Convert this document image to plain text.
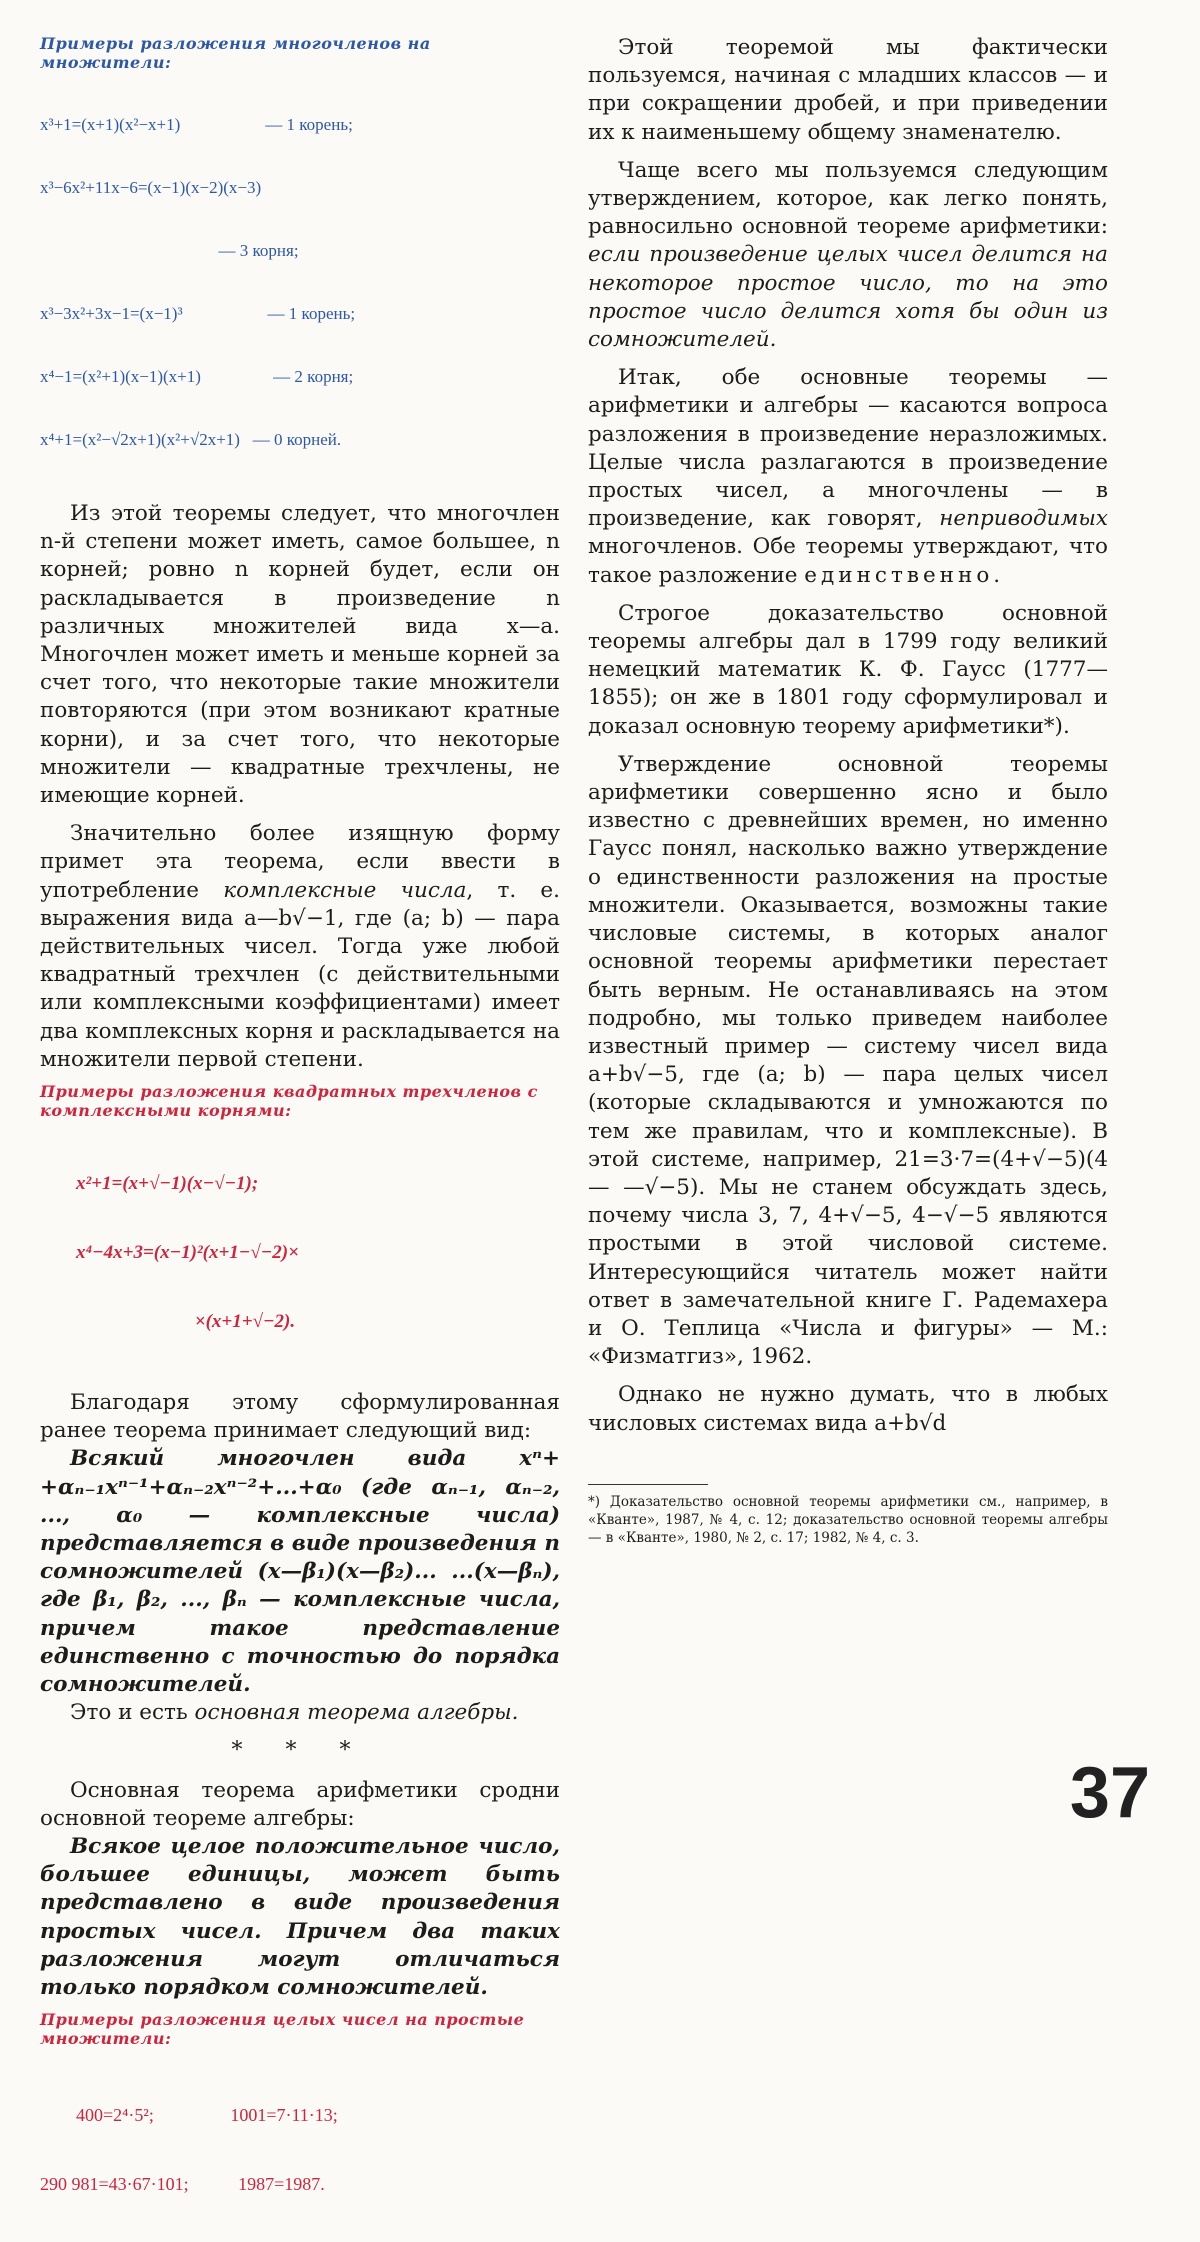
Примеры разложения многочленов на множители:

x³+1=(x+1)(x²−x+1)                    — 1 корень;

x³−6x²+11x−6=(x−1)(x−2)(x−3)

— 3 корня;

x³−3x²+3x−1=(x−1)³                    — 1 корень;

x⁴−1=(x²+1)(x−1)(x+1)                 — 2 корня;

x⁴+1=(x²−√2x+1)(x²+√2x+1)   — 0 корней.

Из этой теоремы следует, что многочлен n-й степени может иметь, самое большее, n корней; ровно n корней будет, если он раскладывается в произведение n различных множителей вида x—a. Многочлен может иметь и меньше корней за счет того, что некоторые такие множители повторяются (при этом возникают кратные корни), и за счет того, что некоторые множители — квадратные трехчлены, не имеющие корней.

Значительно более изящную форму примет эта теорема, если ввести в употребление комплексные числа, т. е. выражения вида a—b√−1, где (a; b) — пара действительных чисел. Тогда уже любой квадратный трехчлен (с действительными или комплексными коэффициентами) имеет два комплексных корня и раскладывается на множители первой степени.

Примеры разложения квадратных трехчленов с комплексными корнями:

x²+1=(x+√−1)(x−√−1);

x⁴−4x+3=(x−1)²(x+1−√−2)×

×(x+1+√−2).

Благодаря этому сформулированная ранее теорема принимает следующий вид:

Всякий многочлен вида xⁿ+ +αₙ₋₁xⁿ⁻¹+αₙ₋₂xⁿ⁻²+...+α₀ (где αₙ₋₁, αₙ₋₂, ..., α₀ — комплексные числа) представляется в виде произведения n сомножителей (x—β₁)(x—β₂)... ...(x—βₙ), где β₁, β₂, ..., βₙ — комплексные числа, причем такое представление единственно с точностью до порядка сомножителей.

Это и есть основная теорема алгебры.

* * *

Основная теорема арифметики сродни основной теореме алгебры:

Всякое целое положительное число, большее единицы, может быть представлено в виде произведения простых чисел. Причем два таких разложения могут отличаться только порядком сомножителей.

Примеры разложения целых чисел на простые множители:

400=2⁴·5²;                 1001=7·11·13;

290 981=43·67·101;           1987=1987.

Этой теоремой мы фактически пользуемся, начиная с младших классов — и при сокращении дробей, и при приведении их к наименьшему общему знаменателю.

Чаще всего мы пользуемся следующим утверждением, которое, как легко понять, равносильно основной теореме арифметики: если произведение целых чисел делится на некоторое простое число, то на это простое число делится хотя бы один из сомножителей.

Итак, обе основные теоремы — арифметики и алгебры — касаются вопроса разложения в произведение неразложимых. Целые числа разлагаются в произведение простых чисел, а многочлены — в произведение, как говорят, неприводимых многочленов. Обе теоремы утверждают, что такое разложение единственно.

Строгое доказательство основной теоремы алгебры дал в 1799 году великий немецкий математик К. Ф. Гаусс (1777—1855); он же в 1801 году сформулировал и доказал основную теорему арифметики*).

Утверждение основной теоремы арифметики совершенно ясно и было известно с древнейших времен, но именно Гаусс понял, насколько важно утверждение о единственности разложения на простые множители. Оказывается, возможны такие числовые системы, в которых аналог основной теоремы арифметики перестает быть верным. Не останавливаясь на этом подробно, мы только приведем наиболее известный пример — систему чисел вида a+b√−5, где (a; b) — пара целых чисел (которые складываются и умножаются по тем же правилам, что и комплексные). В этой системе, например, 21=3·7=(4+√−5)(4— —√−5). Мы не станем обсуждать здесь, почему числа 3, 7, 4+√−5, 4−√−5 являются простыми в этой числовой системе. Интересующийся читатель может найти ответ в замечательной книге Г. Радемахера и О. Теплица «Числа и фигуры» — М.: «Физматгиз», 1962.

Однако не нужно думать, что в любых числовых системах вида a+b√d

*) Доказательство основной теоремы арифметики см., например, в «Кванте», 1987, № 4, с. 12; доказательство основной теоремы алгебры — в «Кванте», 1980, № 2, с. 17; 1982, № 4, с. 3.

37
